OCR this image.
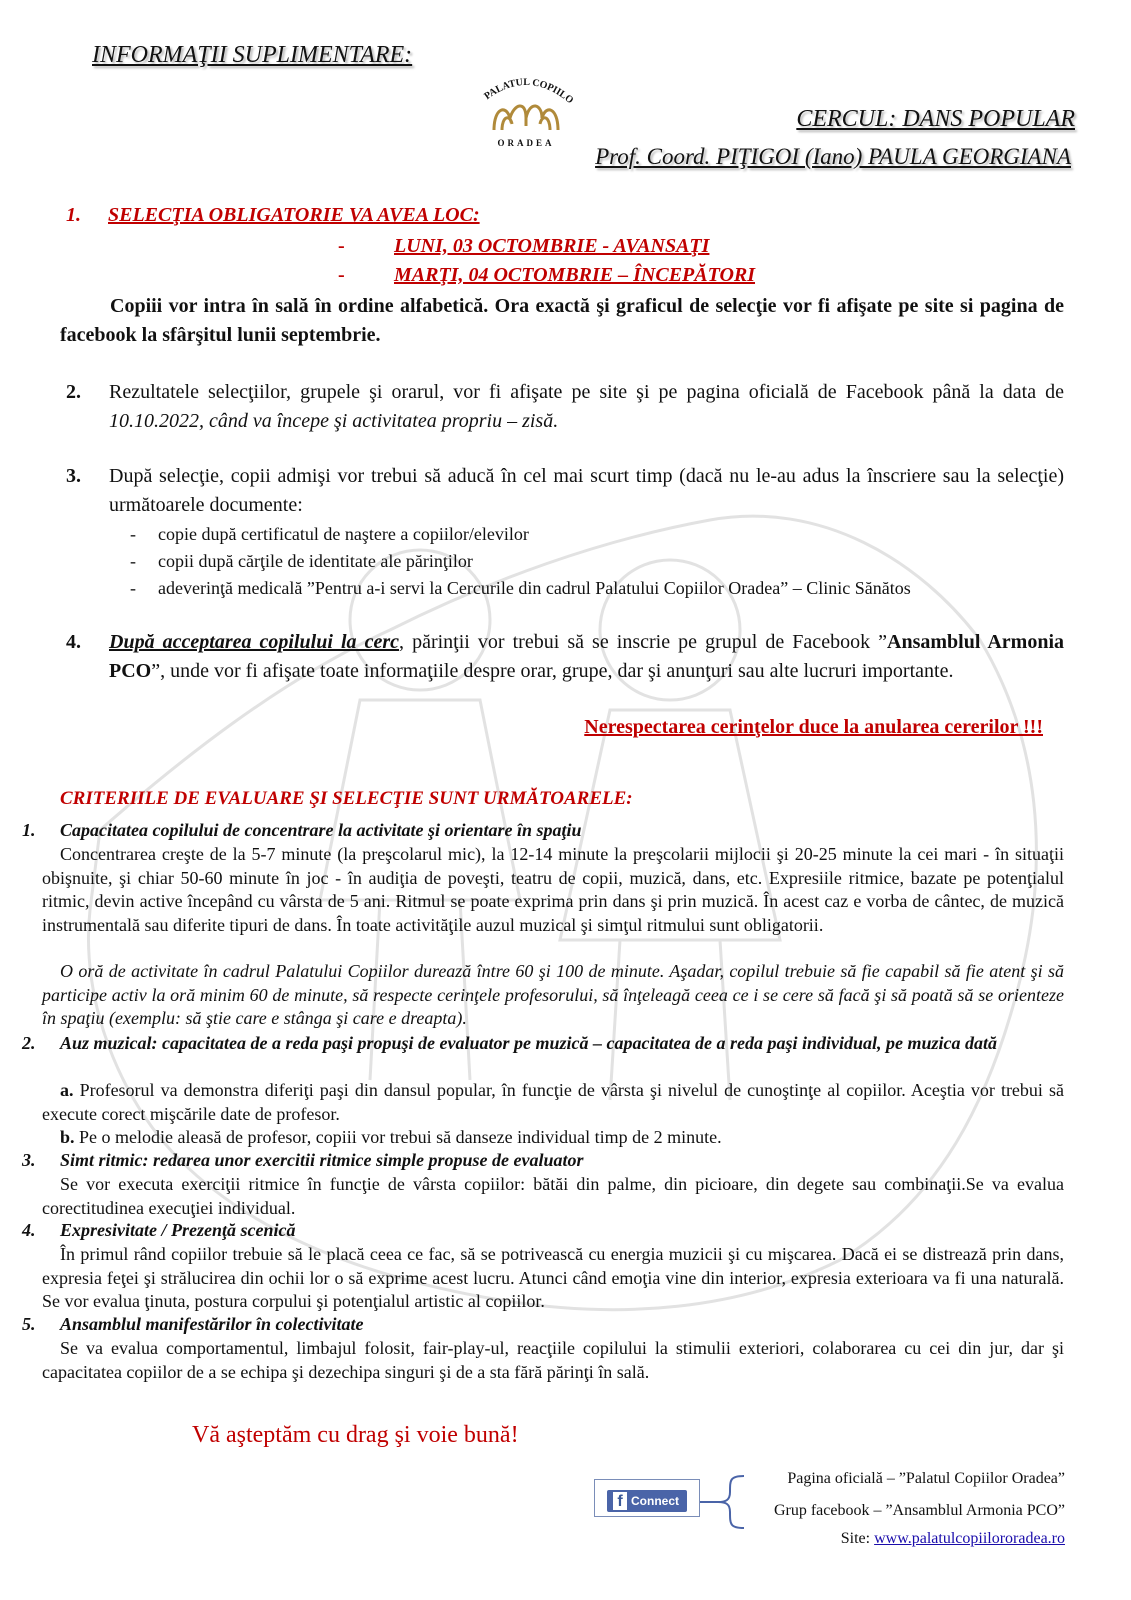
INFORMAŢII SUPLIMENTARE:
PALATUL COPIILO
ORADEA
CERCUL: DANS POPULAR
Prof. Coord. PIŢIGOI (Iano) PAULA GEORGIANA
1. SELECŢIA OBLIGATORIE VA AVEA LOC:
- LUNI, 03 OCTOMBRIE - AVANSAŢI
- MARŢI, 04 OCTOMBRIE – ÎNCEPĂTORI
Copiii vor intra în sală în ordine alfabetică. Ora exactă şi graficul de selecţie vor fi afişate pe site si pagina de facebook la sfârşitul lunii septembrie.
2. Rezultatele selecţiilor, grupele şi orarul, vor fi afişate pe site şi pe pagina oficială de Facebook până la data de 10.10.2022, când va începe şi activitatea propriu – zisă.
3. După selecţie, copii admişi vor trebui să aducă în cel mai scurt timp (dacă nu le-au adus la înscriere sau la selecţie) următoarele documente:
- copie după certificatul de naştere a copiilor/elevilor
- copii după cărţile de identitate ale părinţilor
- adeverinţă medicală ”Pentru a-i servi la Cercurile din cadrul Palatului Copiilor Oradea” – Clinic Sănătos
4. După acceptarea copilului la cerc, părinţii vor trebui să se inscrie pe grupul de Facebook ”Ansamblul Armonia PCO”, unde vor fi afişate toate informaţiile despre orar, grupe, dar şi anunţuri sau alte lucruri importante.
Nerespectarea cerinţelor duce la anularea cererilor !!!
CRITERIILE DE EVALUARE ŞI SELECŢIE SUNT URMĂTOARELE:
1. Capacitatea copilului de concentrare la activitate şi orientare în spaţiu
Concentrarea creşte de la 5-7 minute (la preşcolarul mic), la 12-14 minute la preşcolarii mijlocii şi 20-25 minute la cei mari - în situaţii obişnuite, şi chiar 50-60 minute în joc - în audiţia de poveşti, teatru de copii, muzică, dans, etc. Expresiile ritmice, bazate pe potenţialul ritmic, devin active începând cu vârsta de 5 ani. Ritmul se poate exprima prin dans şi prin muzică. În acest caz e vorba de cântec, de muzică instrumentală sau diferite tipuri de dans. În toate activităţile auzul muzical şi simţul ritmului sunt obligatorii.
O oră de activitate în cadrul Palatului Copiilor durează între 60 şi 100 de minute. Aşadar, copilul trebuie să fie capabil să fie atent şi să participe activ la oră minim 60 de minute, să respecte cerinţele profesorului, să înţeleagă ceea ce i se cere să facă şi să poată să se orienteze în spaţiu (exemplu: să ştie care e stânga şi care e dreapta).
2. Auz muzical: capacitatea de a reda paşi propuşi de evaluator pe muzică – capacitatea de a reda paşi individual, pe muzica dată
a. Profesorul va demonstra diferiţi paşi din dansul popular, în funcţie de vârsta şi nivelul de cunoştinţe al copiilor. Aceştia vor trebui să execute corect mişcările date de profesor.
b. Pe o melodie aleasă de profesor, copiii vor trebui să danseze individual timp de 2 minute.
3. Simt ritmic: redarea unor exercitii ritmice simple propuse de evaluator
Se vor executa exerciţii ritmice în funcţie de vârsta copiilor: bătăi din palme, din picioare, din degete sau combinaţii.Se va evalua corectitudinea execuţiei individual.
4. Expresivitate / Prezenţă scenică
În primul rând copiilor trebuie să le placă ceea ce fac, să se potrivească cu energia muzicii şi cu mişcarea. Dacă ei se distrează prin dans, expresia feţei şi strălucirea din ochii lor o să exprime acest lucru. Atunci când emoţia vine din interior, expresia exterioara va fi una naturală. Se vor evalua ţinuta, postura corpului şi potenţialul artistic al copiilor.
5. Ansamblul manifestărilor în colectivitate
Se va evalua comportamentul, limbajul folosit, fair-play-ul, reacţiile copilului la stimulii exteriori, colaborarea cu cei din jur, dar şi capacitatea copiilor de a se echipa şi dezechipa singuri şi de a sta fără părinţi în sală.
Vă aşteptăm cu drag şi voie bună!
f Connect
Pagina oficială – ”Palatul Copiilor Oradea”
Grup facebook – ”Ansamblul Armonia PCO”
Site: www.palatulcopiilororadea.ro
